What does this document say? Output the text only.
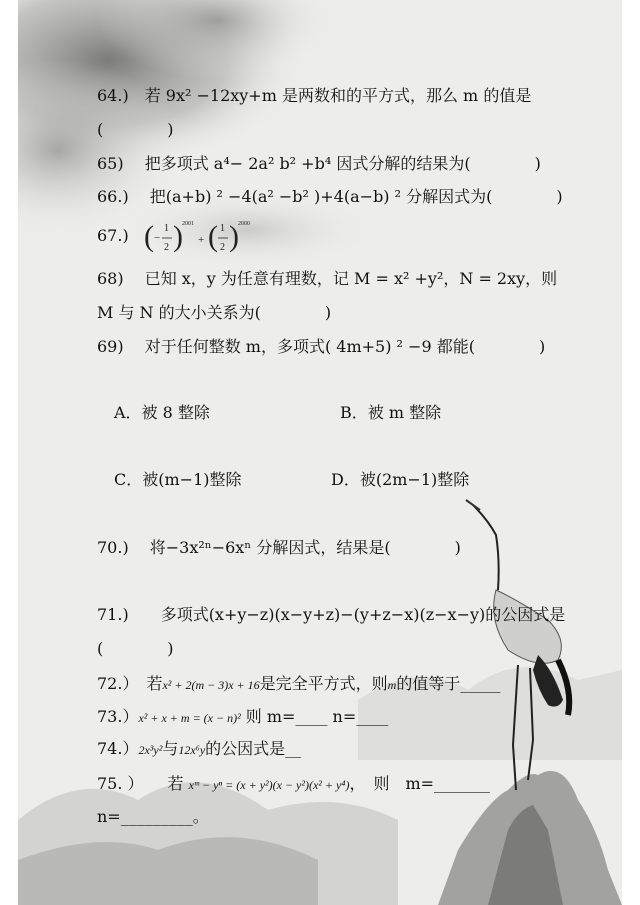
64.)　若 9x² −12xy+m 是两数和的平方式，那么 m 的值是
(　　　　)
65)　 把多项式 a⁴− 2a² b² +b⁴ 因式分解的结果为(　　　　)
66.)　 把(a+b) ² −4(a² −b² )+4(a−b) ² 分解因式为(　　　　)
67.) ( −
1
2 ) 2001
+ ( 1
2 ) 2000
68)　 已知 x，y 为任意有理数，记 M = x² +y²，N = 2xy，则
M 与 N 的大小关系为(　　　　)
69)　 对于任何整数 m，多项式( 4m+5) ² −9 都能(　　　　)
A．被 8 整除	B．被 m 整除
C．被(m−1)整除	D．被(2m−1)整除
70.)　 将−3x²ⁿ−6xⁿ 分解因式，结果是(　　　　)
71.)　　多项式(x+y−z)(x−y+z)−(y+z−x)(z−x−y)的公因式是
(　　　　)
72.）　若x² + 2(m − 3)x + 16是完全平方式，则m的值等于_____
73.）x² + x + m = (x − n)² 则 m=____ n=____
74.）2x³y²与12x⁶y的公因式是__
75. ）　　若 xᵐ − yⁿ = (x + y²)(x − y²)(x² + y⁴)，　则　m=_______
n=_________。
